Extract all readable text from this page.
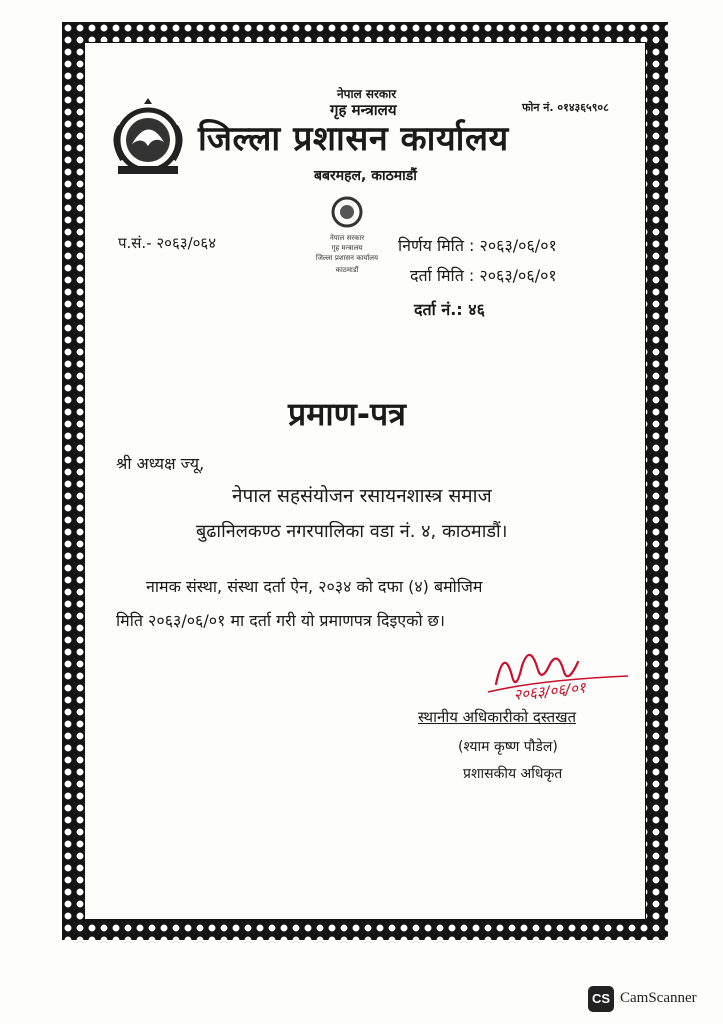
नेपाल सरकार
गृह मन्त्रालय	फोन नं. ०१४३६५९०८
जिल्ला प्रशासन कार्यालय
बबरमहल, काठमाडौं
प.सं.- २०६३/०६४	नेपाल सरकार
गृह मन्त्रालय
जिल्ला प्रशासन कार्यालय
काठमाडौं
निर्णय मिति : २०६३/०६/०१
दर्ता मिति : २०६३/०६/०१
दर्ता नं.: ४६
प्रमाण-पत्र
श्री अध्यक्ष ज्यू,
नेपाल सहसंयोजन रसायनशास्त्र समाज
बुढानिलकण्ठ नगरपालिका वडा नं. ४, काठमाडौं।
नामक संस्था, संस्था दर्ता ऐन, २०३४ को दफा (४) बमोजिम
मिति २०६३/०६/०१ मा दर्ता गरी यो प्रमाणपत्र दिइएको छ।
२०६३/०६/०१
स्थानीय अधिकारीको दस्तखत
(श्याम कृष्ण पौडेल)
प्रशासकीय अधिकृत
CS CamScanner
